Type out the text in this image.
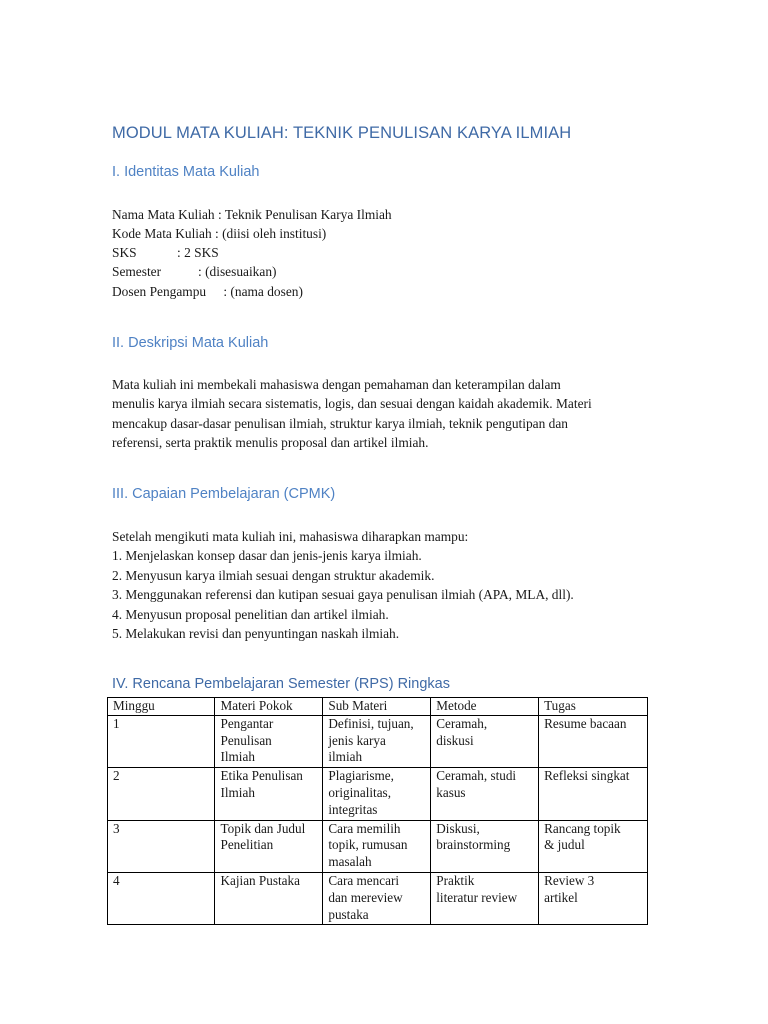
MODUL MATA KULIAH: TEKNIK PENULISAN KARYA ILMIAH
I. Identitas Mata Kuliah
Nama Mata Kuliah : Teknik Penulisan Karya Ilmiah
Kode Mata Kuliah : (diisi oleh institusi)
SKS	: 2 SKS
Semester	: (disesuaikan)
Dosen Pengampu : (nama dosen)
II. Deskripsi Mata Kuliah
Mata kuliah ini membekali mahasiswa dengan pemahaman dan keterampilan dalam
menulis karya ilmiah secara sistematis, logis, dan sesuai dengan kaidah akademik. Materi
mencakup dasar-dasar penulisan ilmiah, struktur karya ilmiah, teknik pengutipan dan
referensi, serta praktik menulis proposal dan artikel ilmiah.
III. Capaian Pembelajaran (CPMK)
Setelah mengikuti mata kuliah ini, mahasiswa diharapkan mampu:
1. Menjelaskan konsep dasar dan jenis-jenis karya ilmiah.
2. Menyusun karya ilmiah sesuai dengan struktur akademik.
3. Menggunakan referensi dan kutipan sesuai gaya penulisan ilmiah (APA, MLA, dll).
4. Menyusun proposal penelitian dan artikel ilmiah.
5. Melakukan revisi dan penyuntingan naskah ilmiah.
IV. Rencana Pembelajaran Semester (RPS) Ringkas
Minggu	Materi Pokok	Sub Materi	Metode	Tugas

1	Pengantar
Penulisan
Ilmiah	Definisi, tujuan,
jenis karya
ilmiah	Ceramah,
diskusi	Resume bacaan

2	Etika Penulisan
Ilmiah	Plagiarisme,
originalitas,
integritas	Ceramah, studi
kasus	Refleksi singkat

3	Topik dan Judul
Penelitian	Cara memilih
topik, rumusan
masalah	Diskusi,
brainstorming	Rancang topik
& judul

4	Kajian Pustaka	Cara mencari
dan mereview
pustaka	Praktik
literatur review	Review 3
artikel
